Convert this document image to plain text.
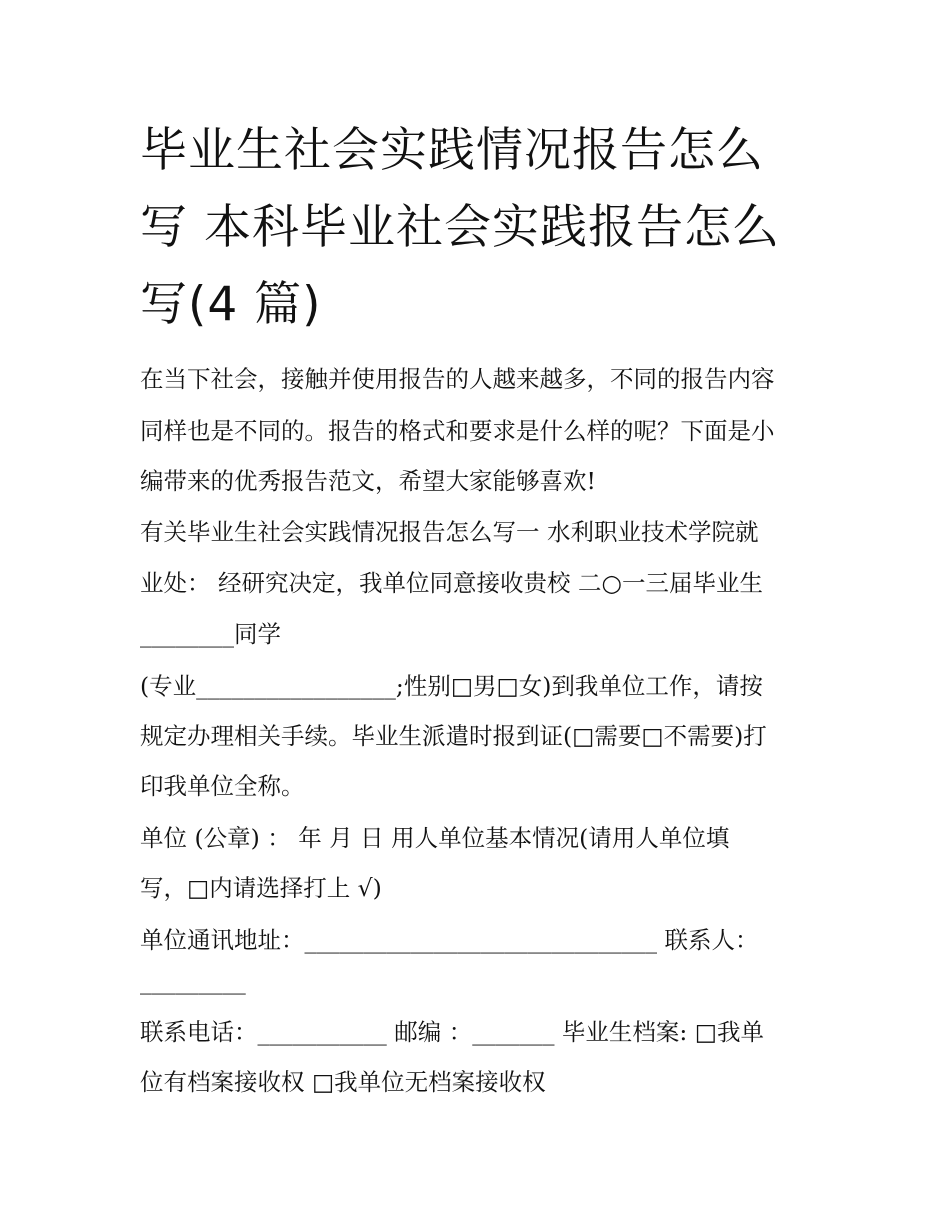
毕业生社会实践情况报告怎么
写 本科毕业社会实践报告怎么
写(4 篇)

在当下社会，接触并使用报告的人越来越多，不同的报告内容

同样也是不同的。报告的格式和要求是什么样的呢？下面是小

编带来的优秀报告范文，希望大家能够喜欢!

有关毕业生社会实践情况报告怎么写一 水利职业技术学院就

业处： 经研究决定，我单位同意接收贵校 二○一三届毕业生

________同学

(专业_________________;性别□男□女)到我单位工作，请按

规定办理相关手续。毕业生派遣时报到证(□需要□不需要)打

印我单位全称。

单位 (公章) ： 年 月 日 用人单位基本情况(请用人单位填

写，□内请选择打上 √)

单位通讯地址：______________________________ 联系人：

_________

联系电话：___________ 邮编 ：_______ 毕业生档案: □我单

位有档案接收权 □我单位无档案接收权
